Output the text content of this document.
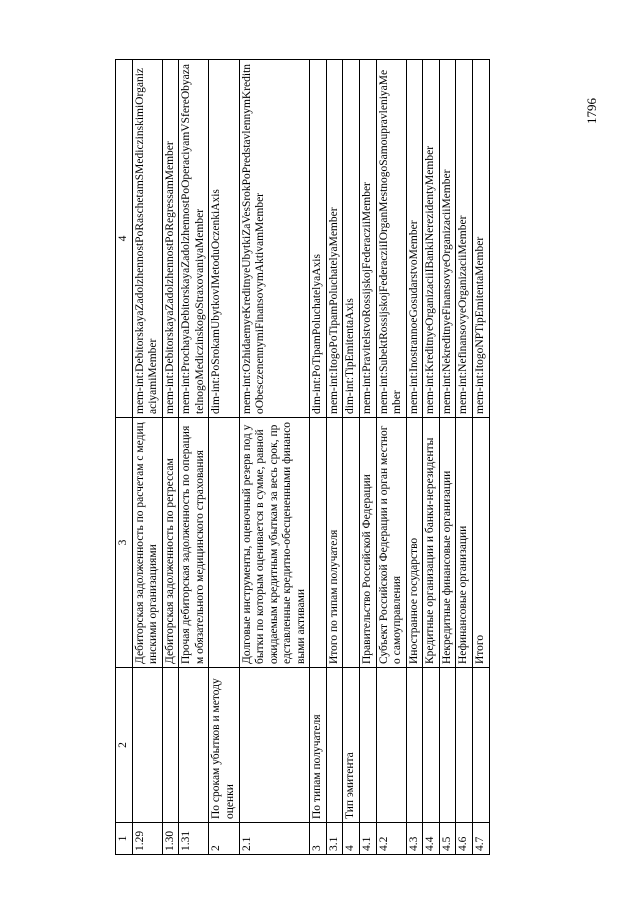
1796
1	2	3	4
1.29		Дебиторская задолженность по расчетам с медицинскими организациями	mem-int:DebitorskayaZadolzhennostPoRaschetamSMediczinskimiOrganizaciyamiMember
1.30		Дебиторская задолженность по регрессам	mem-int:DebitorskayaZadolzhennostPoRegressamMember
1.31		Прочая дебиторская задолженность по операциям обязательного медицинского страхования	mem-int:ProchayaDebitorskayaZadolzhennostPoOperaciyamVSfereObyazatelnogoMediczinskogoStraxovaniyaMember
2	По срокам убытков и методу оценки		dim-int:PoSrokamUbytkovIMetoduOczenkiAxis
2.1		Долговые инструменты, оценочный резерв под убытки по которым оценивается в сумме, равной ожидаемым кредитным убыткам за весь срок, представленные кредитно-обесцененными финансовыми активами	mem-int:OzhidaemyeKreditnyeUbytkiZaVesSrokPoPredstavlennymKreditnoObesczenennymiFinansovymAktivamMember
3	По типам получателя		dim-int:PoTipamPoluchatelyaAxis
3.1		Итого по типам получателя	mem-int:ItogoPoTipamPoluchatelyaMember
4	Тип эмитента		dim-int:TipEmitentaAxis
4.1		Правительство Российской Федерации	mem-int:PravitelstvoRossijskojFederacziiMember
4.2		Субъект Российской Федерации и орган местного самоуправления	mem-int:SubektRossijskojFederacziiIOrganMestnogoSamoupravleniyaMember
4.3		Иностранное государство	mem-int:InostrannoeGosudarstvoMember
4.4		Кредитные организации и банки-нерезиденты	mem-int:KreditnyeOrganizaciiIBankiNerezidentyMember
4.5		Некредитные финансовые организации	mem-int:NekreditnyeFinansovyeOrganizaciiMember
4.6		Нефинансовые организации	mem-int:NefinansovyeOrganizaciiMember
4.7		Итого	mem-int:ItogoNPTipEmitentaMember
